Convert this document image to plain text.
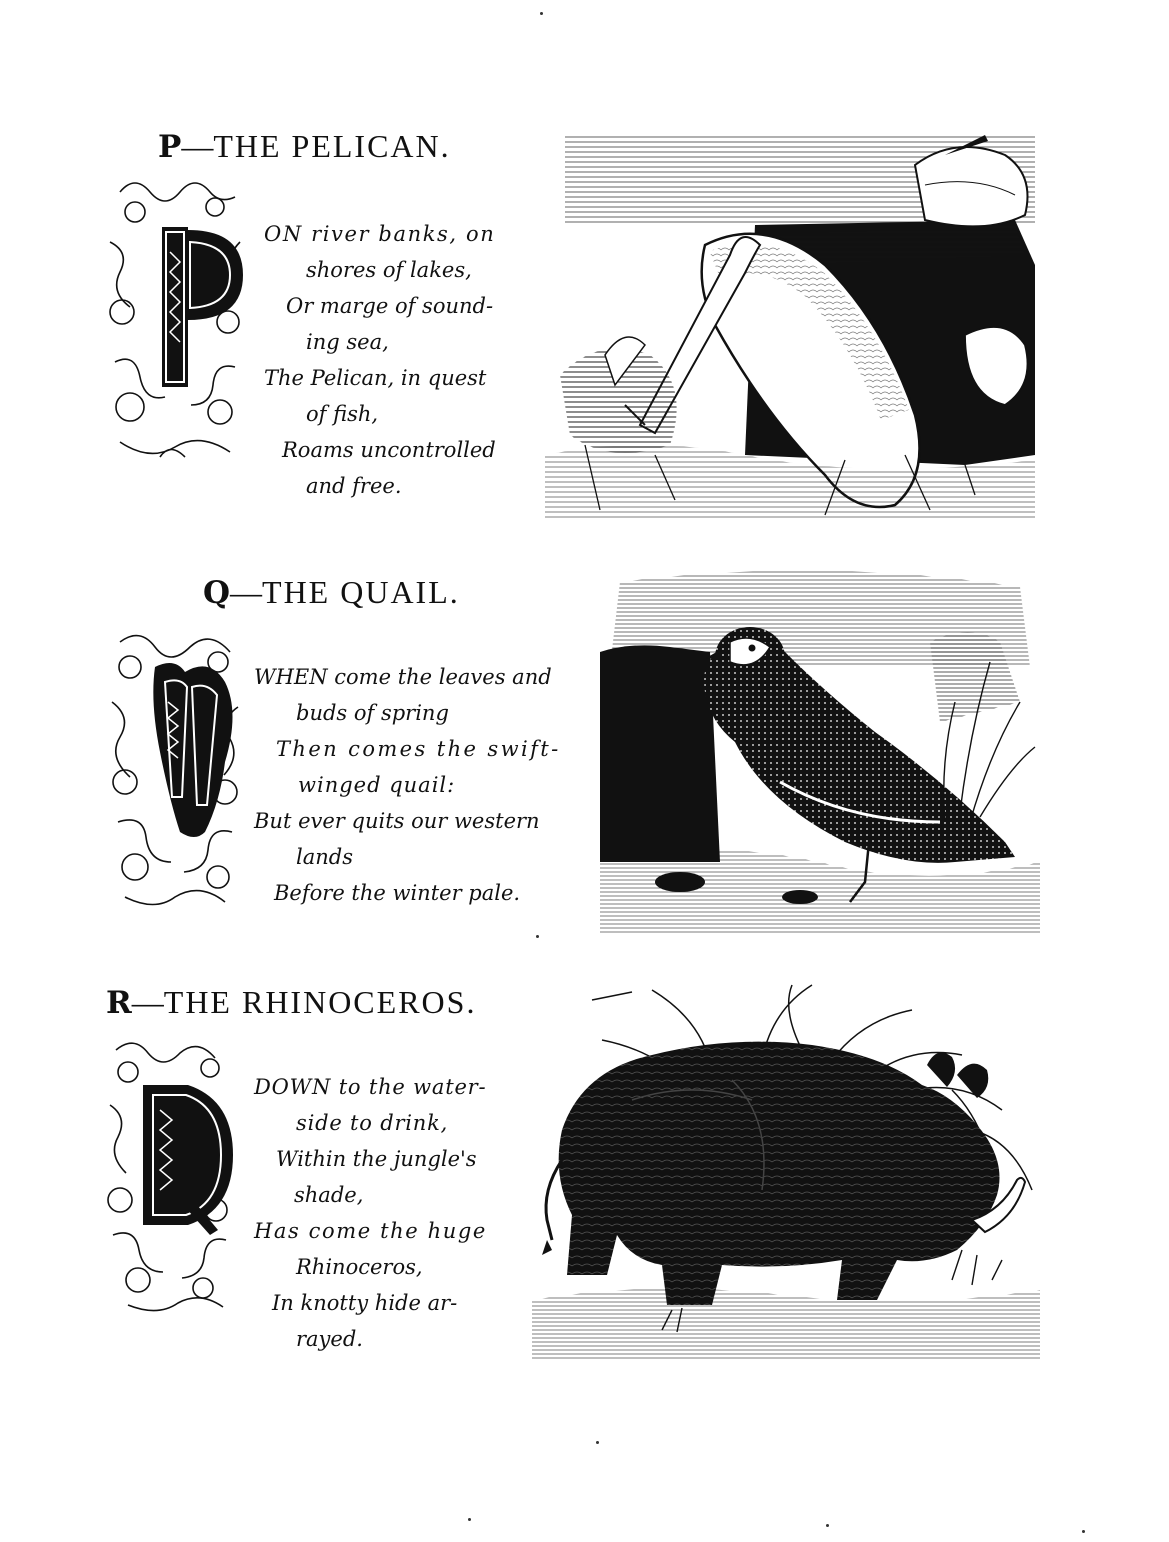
P—THE PELICAN.
ON river banks, on
shores of lakes,
Or marge of sound-
ing sea,
The Pelican, in quest
of fish,
Roams uncontrolled
and free.
Q—THE QUAIL.
WHEN come the leaves and
buds of spring
Then comes the swift-
winged quail:
But ever quits our western
lands
Before the winter pale.
R—THE RHINOCEROS.
DOWN to the water-
side to drink,
Within the jungle's
shade,
Has come the huge
Rhinoceros,
In knotty hide ar-
rayed.
